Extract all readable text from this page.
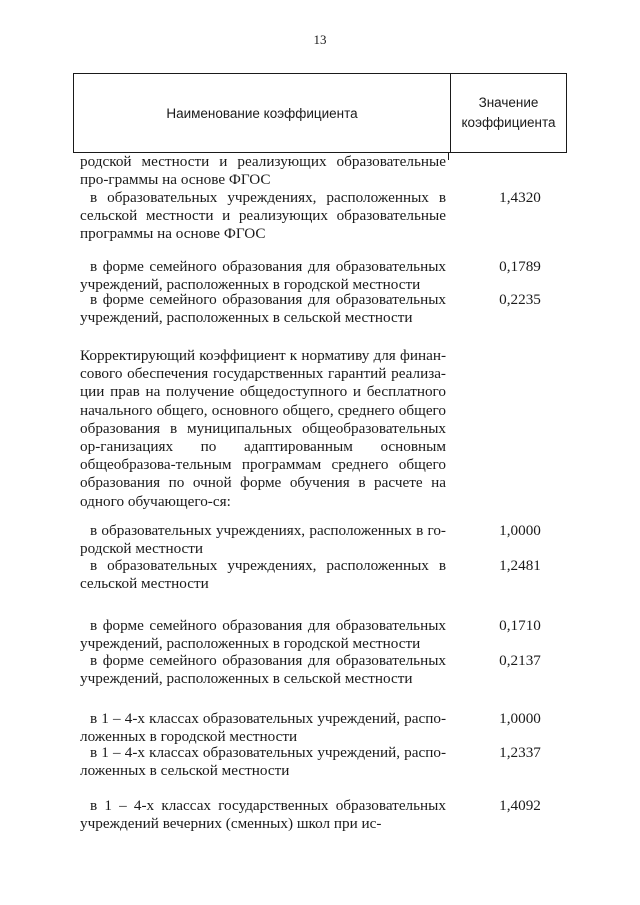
13
Наименование коэффициента
Значение
коэффициента
родской местности и реализующих образовательные про-граммы на основе ФГОС
в образовательных учреждениях, расположенных в сельской местности и реализующих образовательные программы на основе ФГОС
1,4320
в форме семейного образования для образовательных учреждений, расположенных в городской местности
0,1789
в форме семейного образования для образовательных учреждений, расположенных в сельской местности
0,2235
Корректирующий коэффициент к нормативу для финан-сового обеспечения государственных гарантий реализа-ции прав на получение общедоступного и бесплатного начального общего, основного общего, среднего общего образования в муниципальных общеобразовательных ор-ганизациях по адаптированным основным общеобразова-тельным программам среднего общего образования по очной форме обучения в расчете на одного обучающего-ся:
в образовательных учреждениях, расположенных в го-родской местности
1,0000
в образовательных учреждениях, расположенных в сельской местности
1,2481
в форме семейного образования для образовательных учреждений, расположенных в городской местности
0,1710
в форме семейного образования для образовательных учреждений, расположенных в сельской местности
0,2137
в 1 – 4-х классах образовательных учреждений, распо-ложенных в городской местности
1,0000
в 1 – 4-х классах образовательных учреждений, распо-ложенных в сельской местности
1,2337
в 1 – 4-х классах государственных образовательных учреждений вечерних (сменных) школ при ис-
1,4092
